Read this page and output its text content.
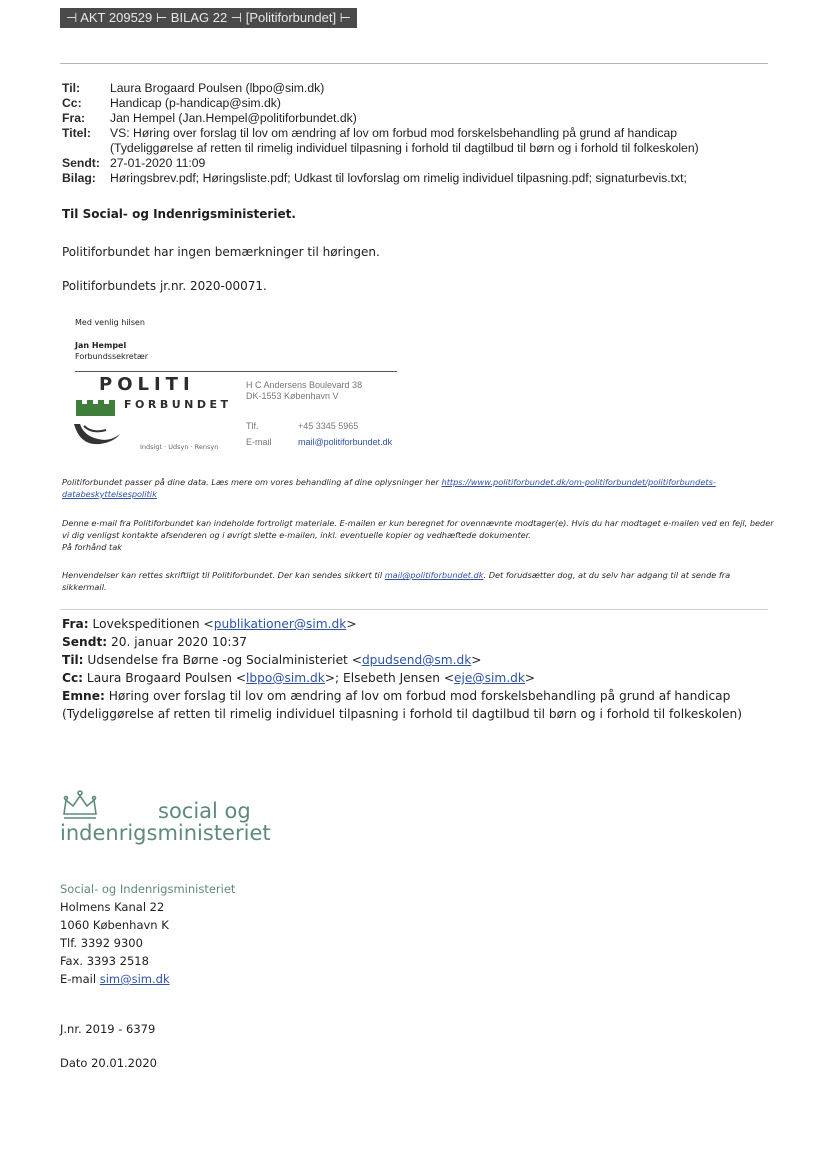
⊣ AKT 209529 ⊢ BILAG 22 ⊣ [Politiforbundet] ⊢
Til: Laura Brogaard Poulsen (lbpo@sim.dk)
Cc: Handicap (p-handicap@sim.dk)
Fra: Jan Hempel (Jan.Hempel@politiforbundet.dk)
Titel: VS: Høring over forslag til lov om ændring af lov om forbud mod forskelsbehandling på grund af handicap
(Tydeliggørelse af retten til rimelig individuel tilpasning i forhold til dagtilbud til børn og i forhold til folkeskolen)
Sendt: 27-01-2020 11:09
Bilag: Høringsbrev.pdf; Høringsliste.pdf; Udkast til lovforslag om rimelig individuel tilpasning.pdf; signaturbevis.txt;
Til Social- og Indenrigsministeriet.
Politiforbundet har ingen bemærkninger til høringen.
Politiforbundets jr.nr. 2020-00071.
Med venlig hilsen
Jan Hempel
Forbundssekretær
POLITI
FORBUNDET
Indsigt · Udsyn · Rensyn
H C Andersens Boulevard 38
DK-1553 København V
Tlf.	+45 3345 5965
E-mail	mail@politiforbundet.dk
Politiforbundet passer på dine data. Læs mere om vores behandling af dine oplysninger her https://www.politiforbundet.dk/om-politiforbundet/politiforbundets-databeskyttelsespolitik
Denne e-mail fra Politiforbundet kan indeholde fortroligt materiale. E-mailen er kun beregnet for ovennævnte modtager(e). Hvis du har modtaget e-mailen ved en fejl, beder vi dig venligst kontakte afsenderen og i øvrigt slette e-mailen, inkl. eventuelle kopier og vedhæftede dokumenter.
På forhånd tak
Henvendelser kan rettes skriftligt til Politiforbundet. Der kan sendes sikkert til mail@politiforbundet.dk. Det forudsætter dog, at du selv har adgang til at sende fra sikkermail.
Fra: Lovekspeditionen <publikationer@sim.dk>
Sendt: 20. januar 2020 10:37
Til: Udsendelse fra Børne -og Socialministeriet <dpudsend@sm.dk>
Cc: Laura Brogaard Poulsen <lbpo@sim.dk>; Elsebeth Jensen <eje@sim.dk>
Emne: Høring over forslag til lov om ændring af lov om forbud mod forskelsbehandling på grund af handicap
(Tydeliggørelse af retten til rimelig individuel tilpasning i forhold til dagtilbud til børn og i forhold til folkeskolen)
social og
indenrigsministeriet
Social- og Indenrigsministeriet
Holmens Kanal 22
1060 København K
Tlf. 3392 9300
Fax. 3393 2518
E-mail sim@sim.dk
J.nr. 2019 - 6379
Dato 20.01.2020
